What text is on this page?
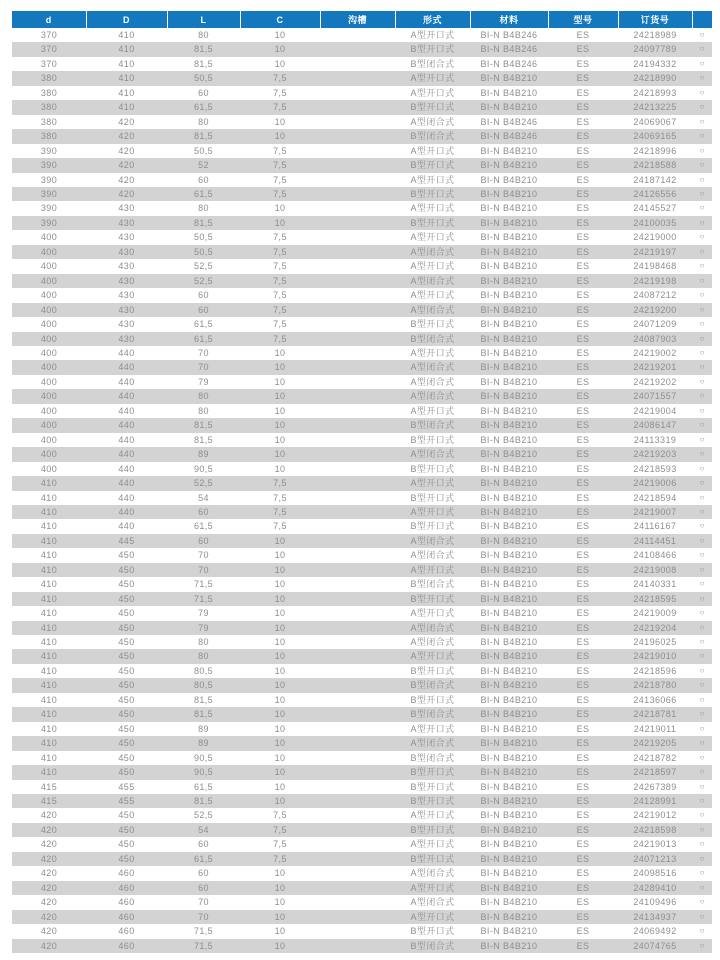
d	D	L	C	沟槽	形式	材料	型号	订货号	
370	410	80	10		A型开口式	BI-N B4B246	ES	24218989	○
370	410	81,5	10		B型开口式	BI-N B4B246	ES	24097789	○
370	410	81,5	10		B型闭合式	BI-N B4B246	ES	24194332	○
380	410	50,5	7,5		A型开口式	BI-N B4B210	ES	24218990	○
380	410	60	7,5		A型开口式	BI-N B4B210	ES	24218993	○
380	410	61,5	7,5		B型开口式	BI-N B4B210	ES	24213225	○
380	420	80	10		A型闭合式	BI-N B4B246	ES	24069067	○
380	420	81,5	10		B型闭合式	BI-N B4B246	ES	24069165	○
390	420	50,5	7,5		A型开口式	BI-N B4B210	ES	24218996	○
390	420	52	7,5		B型开口式	BI-N B4B210	ES	24218588	○
390	420	60	7,5		A型开口式	BI-N B4B210	ES	24187142	○
390	420	61,5	7,5		B型开口式	BI-N B4B210	ES	24126556	○
390	430	80	10		A型开口式	BI-N B4B210	ES	24145527	○
390	430	81,5	10		B型开口式	BI-N B4B210	ES	24100035	○
400	430	50,5	7,5		A型开口式	BI-N B4B210	ES	24219000	○
400	430	50,5	7,5		A型闭合式	BI-N B4B210	ES	24219197	○
400	430	52,5	7,5		A型开口式	BI-N B4B210	ES	24198468	○
400	430	52,5	7,5		A型闭合式	BI-N B4B210	ES	24219198	○
400	430	60	7,5		A型开口式	BI-N B4B210	ES	24087212	○
400	430	60	7,5		A型闭合式	BI-N B4B210	ES	24219200	○
400	430	61,5	7,5		B型开口式	BI-N B4B210	ES	24071209	○
400	430	61,5	7,5		B型闭合式	BI-N B4B210	ES	24087903	○
400	440	70	10		A型开口式	BI-N B4B210	ES	24219002	○
400	440	70	10		A型闭合式	BI-N B4B210	ES	24219201	○
400	440	79	10		A型闭合式	BI-N B4B210	ES	24219202	○
400	440	80	10		A型闭合式	BI-N B4B210	ES	24071557	○
400	440	80	10		A型开口式	BI-N B4B210	ES	24219004	○
400	440	81,5	10		B型闭合式	BI-N B4B210	ES	24086147	○
400	440	81,5	10		B型开口式	BI-N B4B210	ES	24113319	○
400	440	89	10		A型闭合式	BI-N B4B210	ES	24219203	○
400	440	90,5	10		B型开口式	BI-N B4B210	ES	24218593	○
410	440	52,5	7,5		A型开口式	BI-N B4B210	ES	24219006	○
410	440	54	7,5		B型开口式	BI-N B4B210	ES	24218594	○
410	440	60	7,5		A型开口式	BI-N B4B210	ES	24219007	○
410	440	61,5	7,5		B型开口式	BI-N B4B210	ES	24116167	○
410	445	60	10		A型闭合式	BI-N B4B210	ES	24114451	○
410	450	70	10		A型闭合式	BI-N B4B210	ES	24108466	○
410	450	70	10		A型开口式	BI-N B4B210	ES	24219008	○
410	450	71,5	10		B型闭合式	BI-N B4B210	ES	24140331	○
410	450	71,5	10		B型开口式	BI-N B4B210	ES	24218595	○
410	450	79	10		A型开口式	BI-N B4B210	ES	24219009	○
410	450	79	10		A型闭合式	BI-N B4B210	ES	24219204	○
410	450	80	10		A型闭合式	BI-N B4B210	ES	24196025	○
410	450	80	10		A型开口式	BI-N B4B210	ES	24219010	○
410	450	80,5	10		B型开口式	BI-N B4B210	ES	24218596	○
410	450	80,5	10		B型闭合式	BI-N B4B210	ES	24218780	○
410	450	81,5	10		B型开口式	BI-N B4B210	ES	24136066	○
410	450	81,5	10		B型闭合式	BI-N B4B210	ES	24218781	○
410	450	89	10		A型开口式	BI-N B4B210	ES	24219011	○
410	450	89	10		A型闭合式	BI-N B4B210	ES	24219205	○
410	450	90,5	10		B型闭合式	BI-N B4B210	ES	24218782	○
410	450	90,5	10		B型开口式	BI-N B4B210	ES	24218597	○
415	455	61,5	10		B型开口式	BI-N B4B210	ES	24267389	○
415	455	81,5	10		B型开口式	BI-N B4B210	ES	24128991	○
420	450	52,5	7,5		A型开口式	BI-N B4B210	ES	24219012	○
420	450	54	7,5		B型开口式	BI-N B4B210	ES	24218598	○
420	450	60	7,5		A型开口式	BI-N B4B210	ES	24219013	○
420	450	61,5	7,5		B型开口式	BI-N B4B210	ES	24071213	○
420	460	60	10		A型闭合式	BI-N B4B210	ES	24098516	○
420	460	60	10		A型开口式	BI-N B4B210	ES	24289410	○
420	460	70	10		A型闭合式	BI-N B4B210	ES	24109496	○
420	460	70	10		A型开口式	BI-N B4B210	ES	24134937	○
420	460	71,5	10		B型开口式	BI-N B4B210	ES	24069492	○
420	460	71,5	10		B型闭合式	BI-N B4B210	ES	24074765	○
